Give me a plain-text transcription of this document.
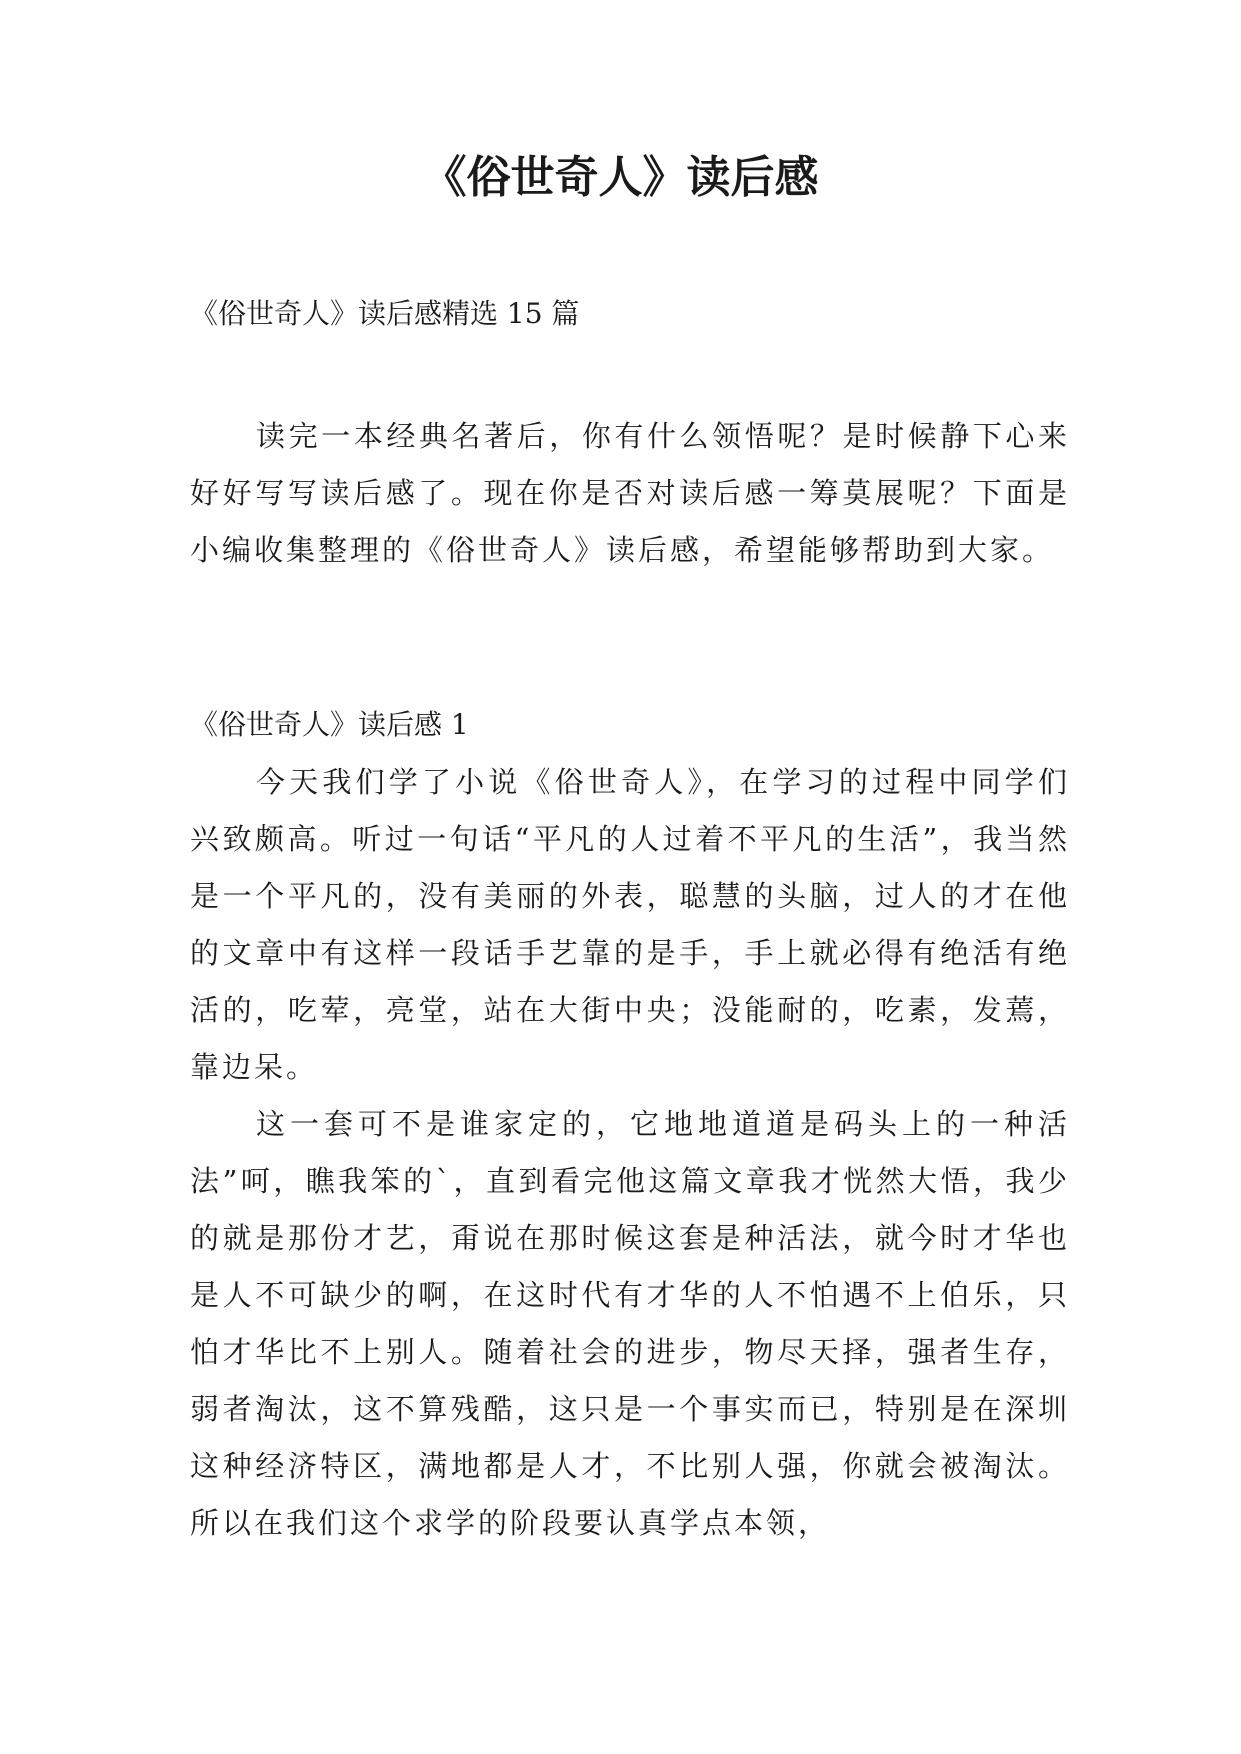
《俗世奇人》读后感

《俗世奇人》读后感精选 15 篇

读完一本经典名著后，你有什么领悟呢？是时候静下心来好好写写读后感了。现在你是否对读后感一筹莫展呢？下面是小编收集整理的《俗世奇人》读后感，希望能够帮助到大家。

《俗世奇人》读后感 1

今天我们学了小说《俗世奇人》，在学习的过程中同学们兴致颇高。听过一句话“平凡的人过着不平凡的生活”，我当然是一个平凡的，没有美丽的外表，聪慧的头脑，过人的才在他的文章中有这样一段话手艺靠的是手，手上就必得有绝活有绝活的，吃荤，亮堂，站在大街中央；没能耐的，吃素，发蔫，靠边呆。

这一套可不是谁家定的，它地地道道是码头上的一种活法”呵，瞧我笨的`，直到看完他这篇文章我才恍然大悟，我少的就是那份才艺，甭说在那时候这套是种活法，就今时才华也是人不可缺少的啊，在这时代有才华的人不怕遇不上伯乐，只怕才华比不上别人。随着社会的进步，物尽天择，强者生存，弱者淘汰，这不算残酷，这只是一个事实而已，特别是在深圳这种经济特区，满地都是人才，不比别人强，你就会被淘汰。所以在我们这个求学的阶段要认真学点本领，
